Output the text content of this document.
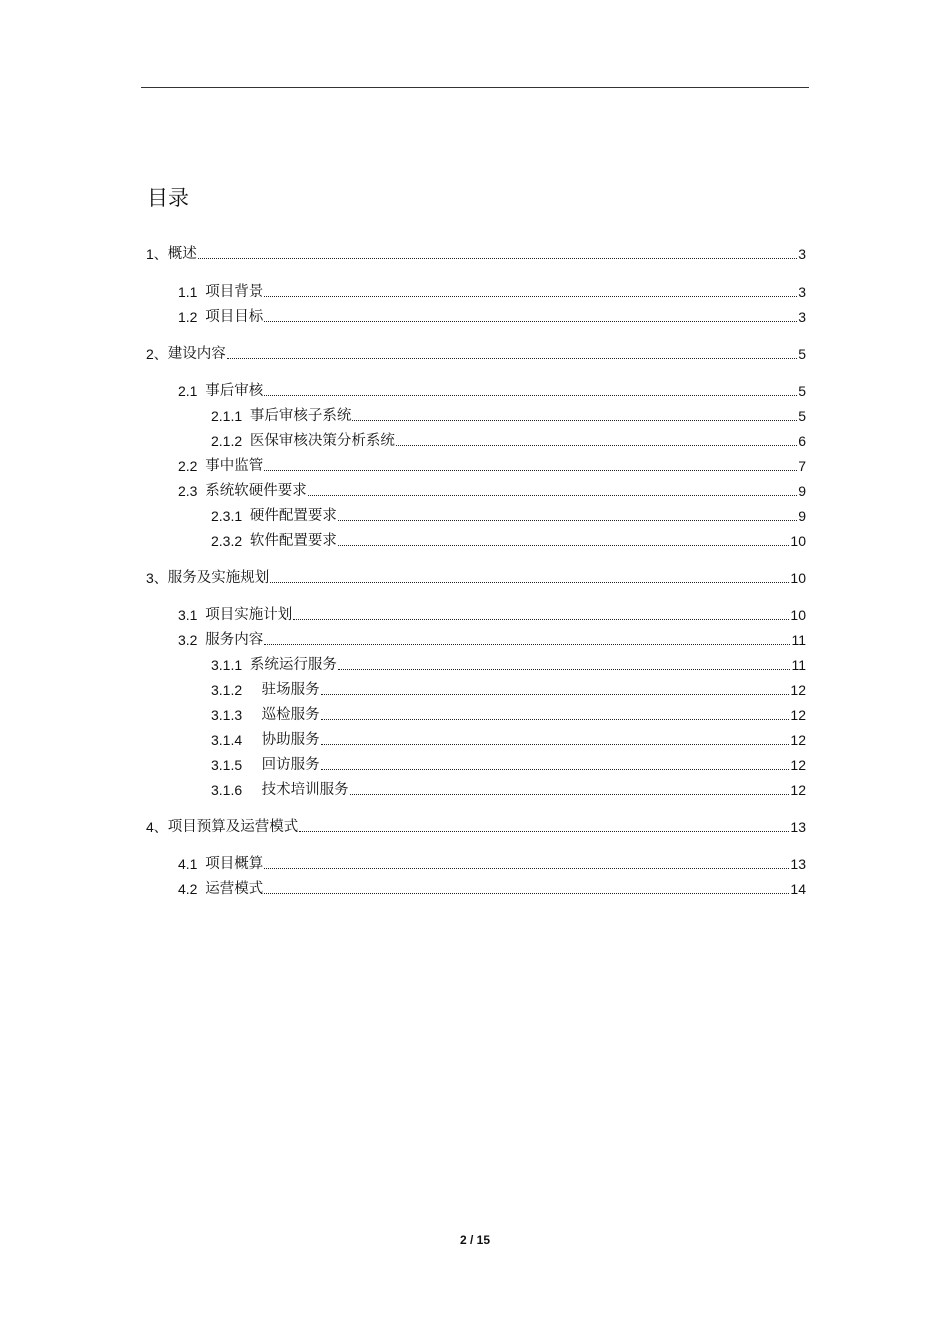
目录
1、 概述	3
1.1 项目背景	3
1.2 项目目标	3
2、 建设内容	5
2.1 事后审核	5
2.1.1 事后审核子系统	5
2.1.2 医保审核决策分析系统	6
2.2 事中监管	7
2.3 系统软硬件要求	9
2.3.1 硬件配置要求	9
2.3.2 软件配置要求	10
3、 服务及实施规划	10
3.1 项目实施计划	10
3.2 服务内容	11
3.1.1 系统运行服务	11
3.1.2 驻场服务	12
3.1.3 巡检服务	12
3.1.4 协助服务	12
3.1.5 回访服务	12
3.1.6 技术培训服务	12
4、 项目预算及运营模式	13
4.1 项目概算	13
4.2 运营模式	14
2 / 15
